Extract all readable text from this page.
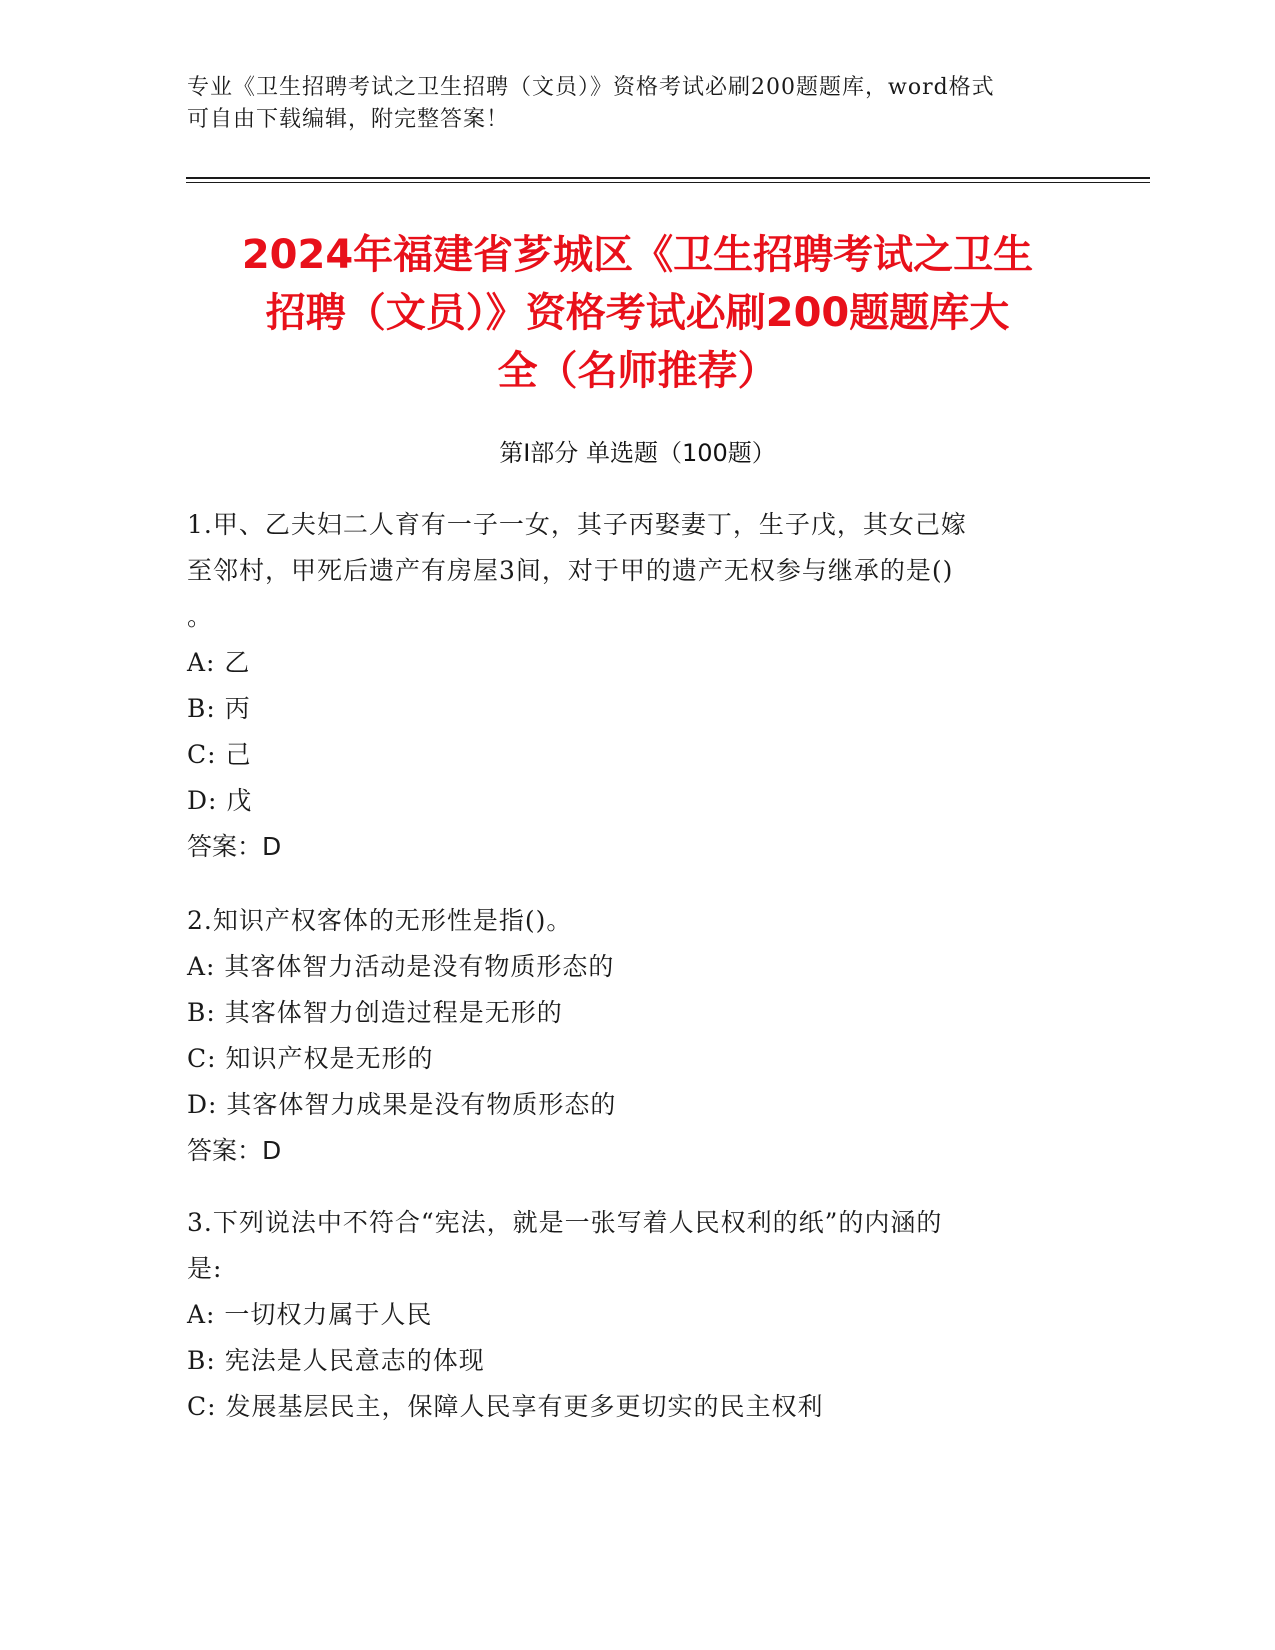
专业《卫生招聘考试之卫生招聘（文员）》资格考试必刷200题题库，word格式
可自由下载编辑，附完整答案！
2024年福建省芗城区《卫生招聘考试之卫生
招聘（文员）》资格考试必刷200题题库大
全（名师推荐）
第Ⅰ部分 单选题（100题）
1.甲、乙夫妇二人育有一子一女，其子丙娶妻丁，生子戊，其女己嫁
至邻村，甲死后遗产有房屋3间，对于甲的遗产无权参与继承的是()
。
A: 乙
B: 丙
C: 己
D: 戊
答案：D
2.知识产权客体的无形性是指()。
A: 其客体智力活动是没有物质形态的
B: 其客体智力创造过程是无形的
C: 知识产权是无形的
D: 其客体智力成果是没有物质形态的
答案：D
3.下列说法中不符合“宪法，就是一张写着人民权利的纸”的内涵的
是:
A: 一切权力属于人民
B: 宪法是人民意志的体现
C: 发展基层民主，保障人民享有更多更切实的民主权利
